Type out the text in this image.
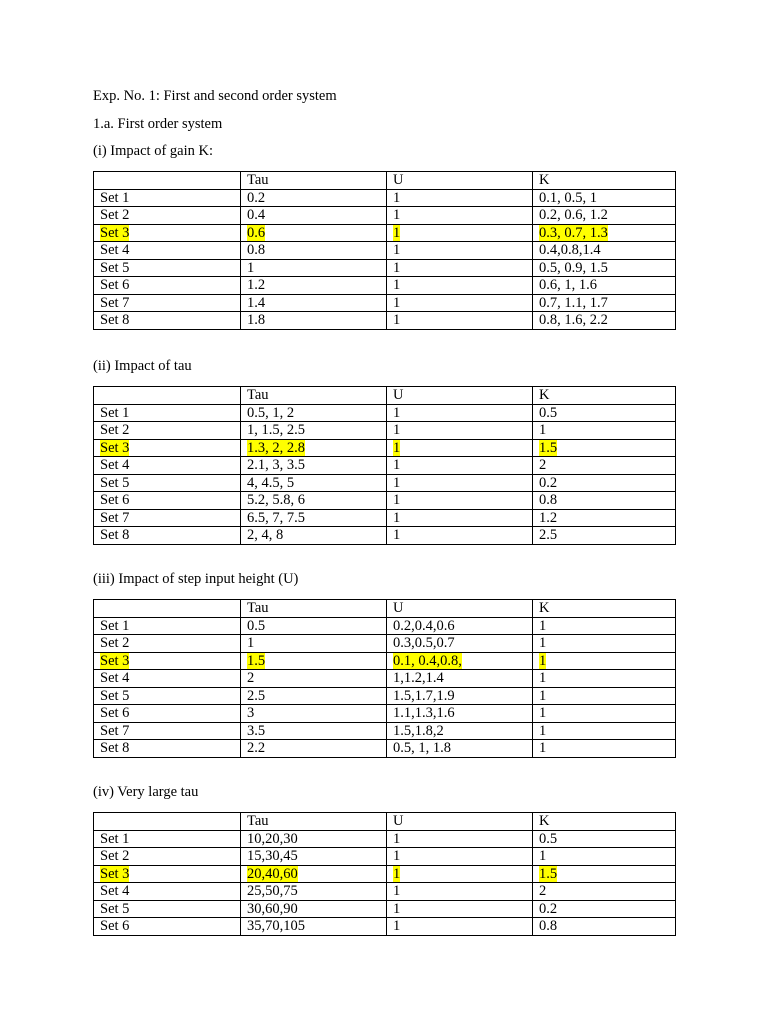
Exp. No. 1: First and second order system
1.a. First order system
(i) Impact of gain K:
	Tau	U	K
Set 1	0.2	1	0.1, 0.5, 1
Set 2	0.4	1	0.2, 0.6, 1.2
Set 3	0.6	1	0.3, 0.7, 1.3
Set 4	0.8	1	0.4,0.8,1.4
Set 5	1	1	0.5, 0.9, 1.5
Set 6	1.2	1	0.6, 1, 1.6
Set 7	1.4	1	0.7, 1.1, 1.7
Set 8	1.8	1	0.8, 1.6, 2.2
(ii) Impact of tau
	Tau	U	K
Set 1	0.5, 1, 2	1	0.5
Set 2	1, 1.5, 2.5	1	1
Set 3	1.3, 2, 2.8	1	1.5
Set 4	2.1, 3, 3.5	1	2
Set 5	4, 4.5, 5	1	0.2
Set 6	5.2, 5.8, 6	1	0.8
Set 7	6.5, 7, 7.5	1	1.2
Set 8	2, 4, 8	1	2.5
(iii) Impact of step input height (U)
	Tau	U	K
Set 1	0.5	0.2,0.4,0.6	1
Set 2	1	0.3,0.5,0.7	1
Set 3	1.5	0.1, 0.4,0.8,	1
Set 4	2	1,1.2,1.4	1
Set 5	2.5	1.5,1.7,1.9	1
Set 6	3	1.1,1.3,1.6	1
Set 7	3.5	1.5,1.8,2	1
Set 8	2.2	0.5, 1, 1.8	1
(iv) Very large tau
	Tau	U	K
Set 1	10,20,30	1	0.5
Set 2	15,30,45	1	1
Set 3	20,40,60	1	1.5
Set 4	25,50,75	1	2
Set 5	30,60,90	1	0.2
Set 6	35,70,105	1	0.8
